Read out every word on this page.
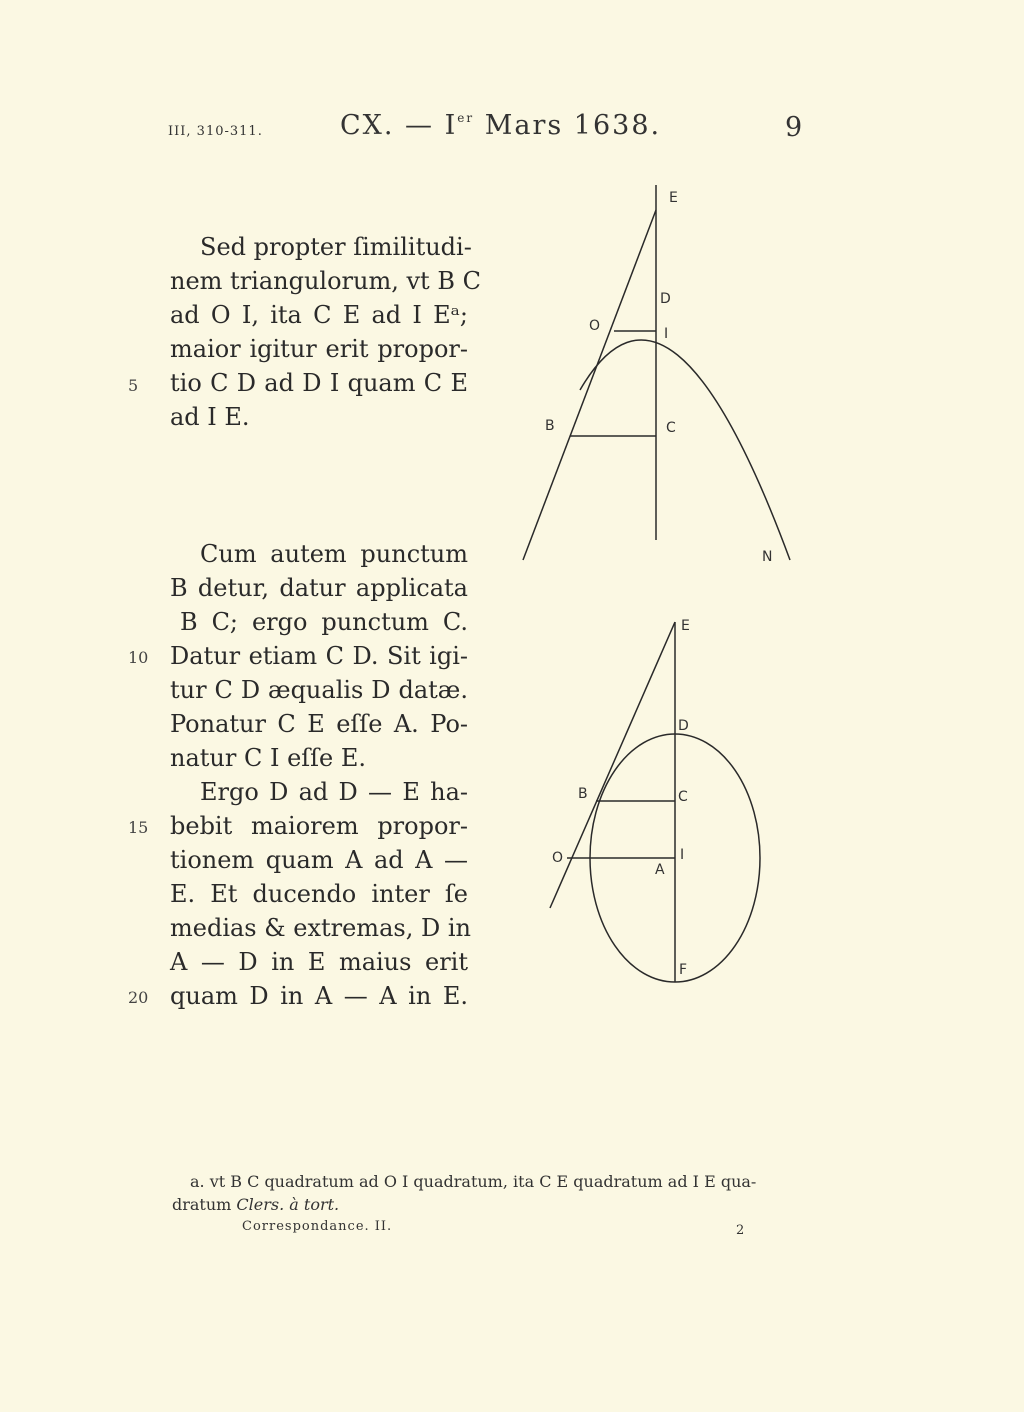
III, 310-311.	CX. — Ier Mars 1638.	9
Sed propter ſimilitudi-
nem triangulorum, vt B C
ad O I, ita C E ad I Eᵃ;
maior igitur erit propor-
tio C D ad D I quam C E
ad I E.
Cum autem punctum
B detur, datur applicata
B C; ergo punctum C.
Datur etiam C D. Sit igi-
tur C D æqualis D datæ.
Ponatur C E eſſe A. Po-
natur C I eſſe E.
Ergo D ad D — E ha-
bebit maiorem propor-
tionem quam A ad A —
E. Et ducendo inter ſe
medias & extremas, D in
A — D in E maius erit
quam D in A — A in E.
5
10
15
20
E
D
O	I
B	C
N
E
D
B	C
O	I
A
F
a. vt B C quadratum ad O I quadratum, ita C E quadratum ad I E qua-
dratum Clers. à tort.
Correspondance. II.	2
